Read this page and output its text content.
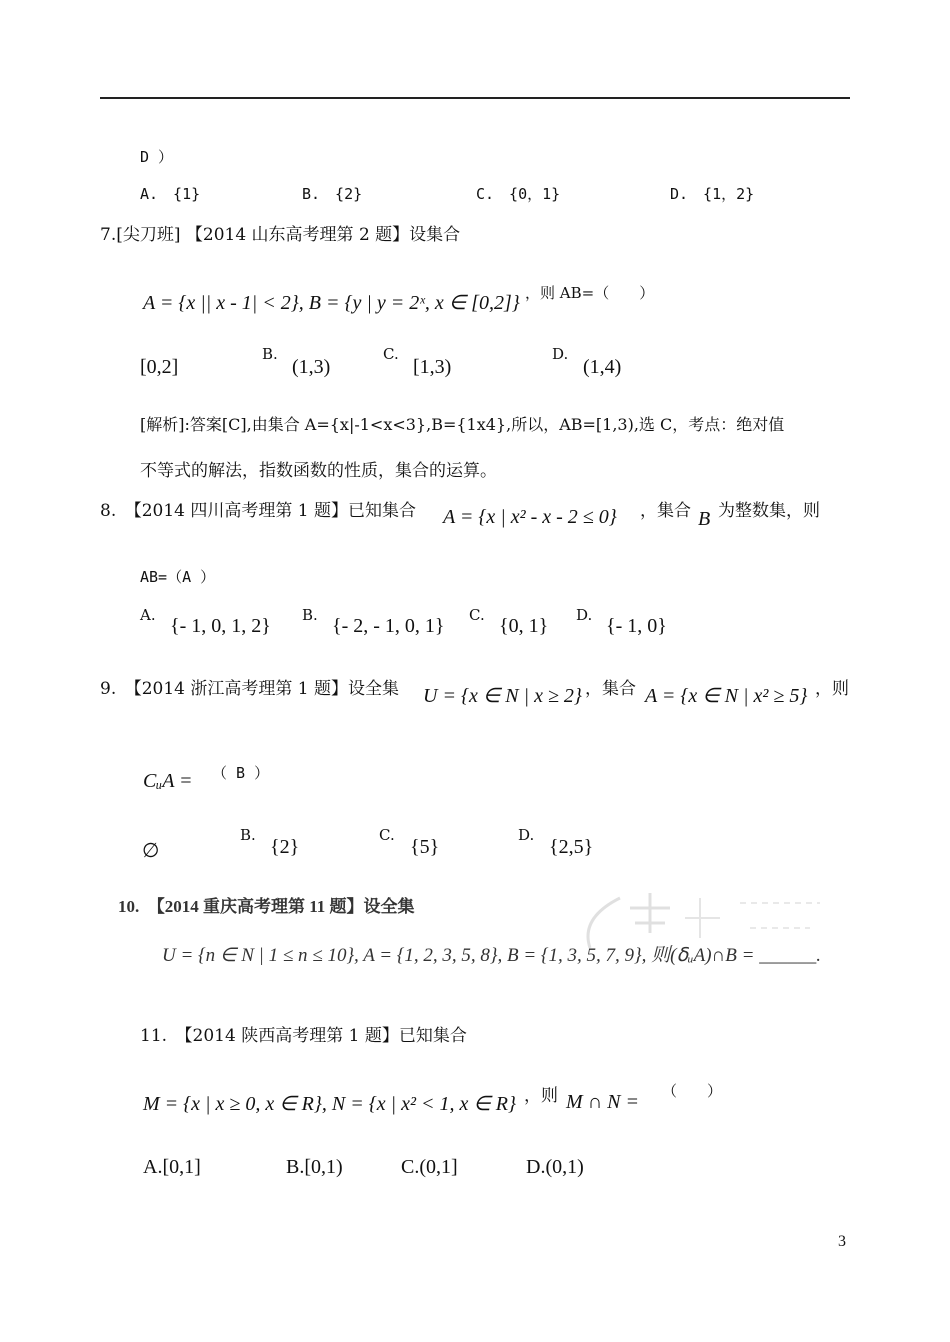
D ）
A.　{1}	B.　{2}	C.　{0，1}	D.　{1，2}
7.[尖刀班] 【2014 山东高考理第 2 题】设集合
A = {x || x - 1| < 2}, B = {y | y = 2ˣ, x ∈ [0,2]} ，则 AB=（　　）
[0,2]
B.
(1,3)
C.
[1,3)
D.
(1,4)
[解析]:答案[C],由集合 A={x|-1<x<3},B={1x4},所以，AB=[1,3),选 C，考点：绝对值
不等式的解法，指数函数的性质，集合的运算。
8.　【2014 四川高考理第 1 题】已知集合 A = {x | x² - x - 2 ≤ 0} ，集合 B 为整数集，则
AB=（A ）
A. {- 1, 0, 1, 2} B. {- 2, - 1, 0, 1} C. {0, 1} D. {- 1, 0}
9.　【2014 浙江高考理第 1 题】设全集 U = {x ∈ N | x ≥ 2} ，集合 A = {x ∈ N | x² ≥ 5} ，则
CᵤA = （ B ）
∅
B.
{2}
C.
{5}
D.
{2,5}
10.　【2014 重庆高考理第 11 题】设全集
U = {n ∈ N | 1 ≤ n ≤ 10}, A = {1, 2, 3, 5, 8}, B = {1, 3, 5, 7, 9}, 则(ẟᵤA)∩B = ______.
11.　【2014 陕西高考理第 1 题】已知集合
M = {x | x ≥ 0, x ∈ R}, N = {x | x² < 1, x ∈ R} ，则 M ∩ N = （　　）
A.[0,1]	B.[0,1)	C.(0,1]	D.(0,1)
3
